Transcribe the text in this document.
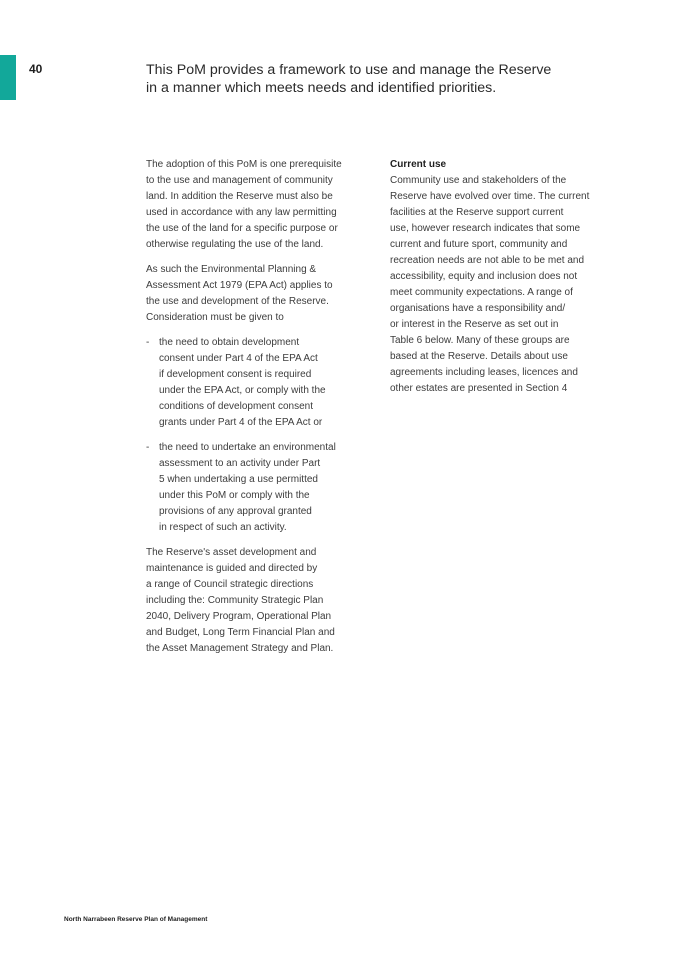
40	This PoM provides a framework to use and manage the Reserve
in a manner which meets needs and identified priorities.

The adoption of this PoM is one prerequisite
to the use and management of community
land. In addition the Reserve must also be
used in accordance with any law permitting
the use of the land for a specific purpose or
otherwise regulating the use of the land.

As such the Environmental Planning &
Assessment Act 1979 (EPA Act) applies to
the use and development of the Reserve.
Consideration must be given to

- the need to obtain development
consent under Part 4 of the EPA Act
if development consent is required
under the EPA Act, or comply with the
conditions of development consent
grants under Part 4 of the EPA Act or
- the need to undertake an environmental
assessment to an activity under Part
5 when undertaking a use permitted
under this PoM or comply with the
provisions of any approval granted
in respect of such an activity.

The Reserve's asset development and
maintenance is guided and directed by
a range of Council strategic directions
including the: Community Strategic Plan
2040, Delivery Program, Operational Plan
and Budget, Long Term Financial Plan and
the Asset Management Strategy and Plan.

Current use

Community use and stakeholders of the
Reserve have evolved over time. The current
facilities at the Reserve support current
use, however research indicates that some
current and future sport, community and
recreation needs are not able to be met and
accessibility, equity and inclusion does not
meet community expectations. A range of
organisations have a responsibility and/
or interest in the Reserve as set out in
Table 6 below. Many of these groups are
based at the Reserve. Details about use
agreements including leases, licences and
other estates are presented in Section 4

North Narrabeen Reserve Plan of Management
